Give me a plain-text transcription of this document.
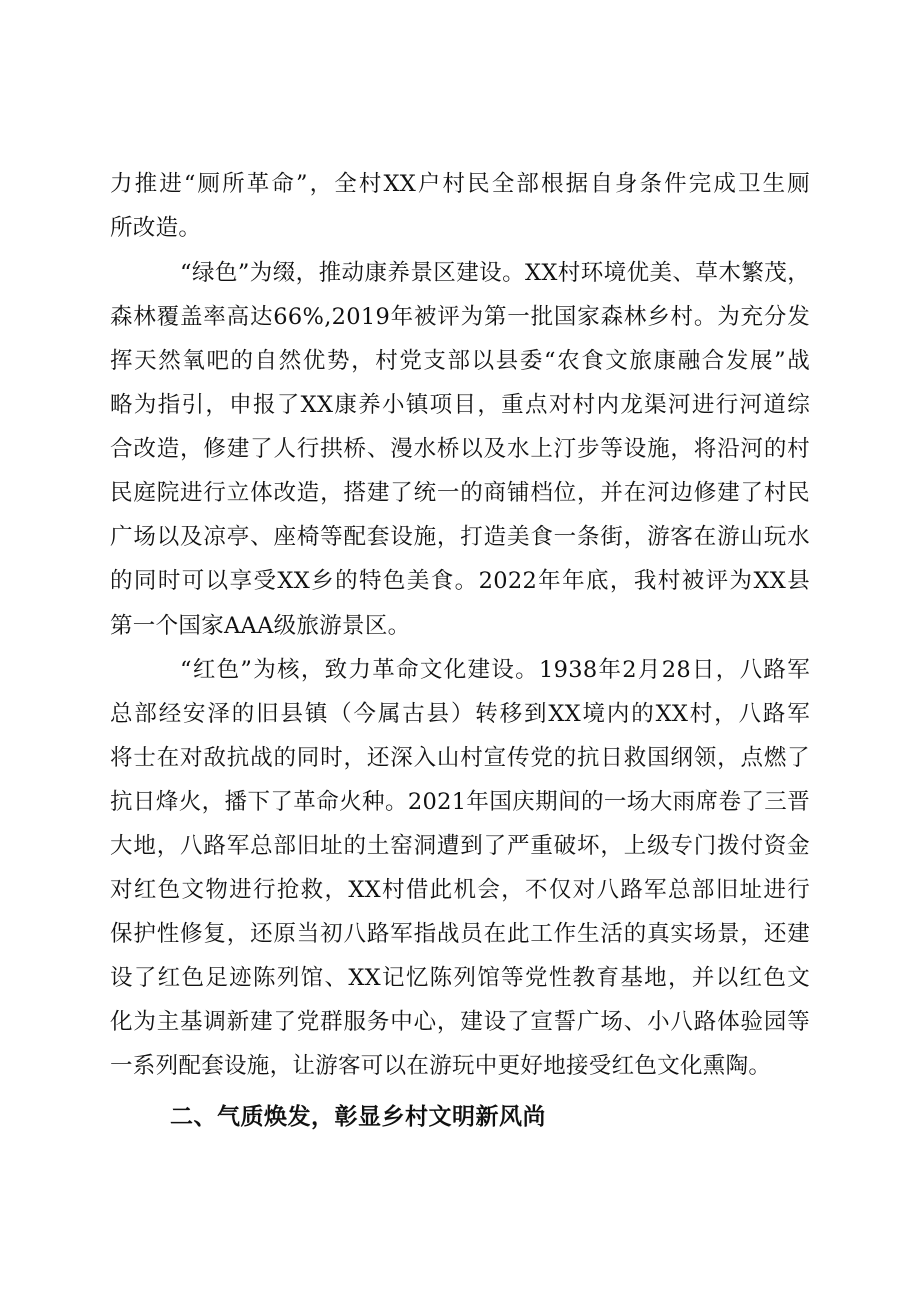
力推进“厕所革命”，全村XX户村民全部根据自身条件完成卫生厕
所改造。
“绿色”为缀，推动康养景区建设。XX村环境优美、草木繁茂，
森林覆盖率高达66%,2019年被评为第一批国家森林乡村。为充分发
挥天然氧吧的自然优势，村党支部以县委“农食文旅康融合发展”战
略为指引，申报了XX康养小镇项目，重点对村内龙渠河进行河道综
合改造，修建了人行拱桥、漫水桥以及水上汀步等设施，将沿河的村
民庭院进行立体改造，搭建了统一的商铺档位，并在河边修建了村民
广场以及凉亭、座椅等配套设施，打造美食一条街，游客在游山玩水
的同时可以享受XX乡的特色美食。2022年年底，我村被评为XX县
第一个国家AAA级旅游景区。
“红色”为核，致力革命文化建设。1938年2月28日，八路军
总部经安泽的旧县镇（今属古县）转移到XX境内的XX村，八路军
将士在对敌抗战的同时，还深入山村宣传党的抗日救国纲领，点燃了
抗日烽火，播下了革命火种。2021年国庆期间的一场大雨席卷了三晋
大地，八路军总部旧址的土窑洞遭到了严重破坏，上级专门拨付资金
对红色文物进行抢救，XX村借此机会，不仅对八路军总部旧址进行
保护性修复，还原当初八路军指战员在此工作生活的真实场景，还建
设了红色足迹陈列馆、XX记忆陈列馆等党性教育基地，并以红色文
化为主基调新建了党群服务中心，建设了宣誓广场、小八路体验园等
一系列配套设施，让游客可以在游玩中更好地接受红色文化熏陶。
二、气质焕发，彰显乡村文明新风尚
